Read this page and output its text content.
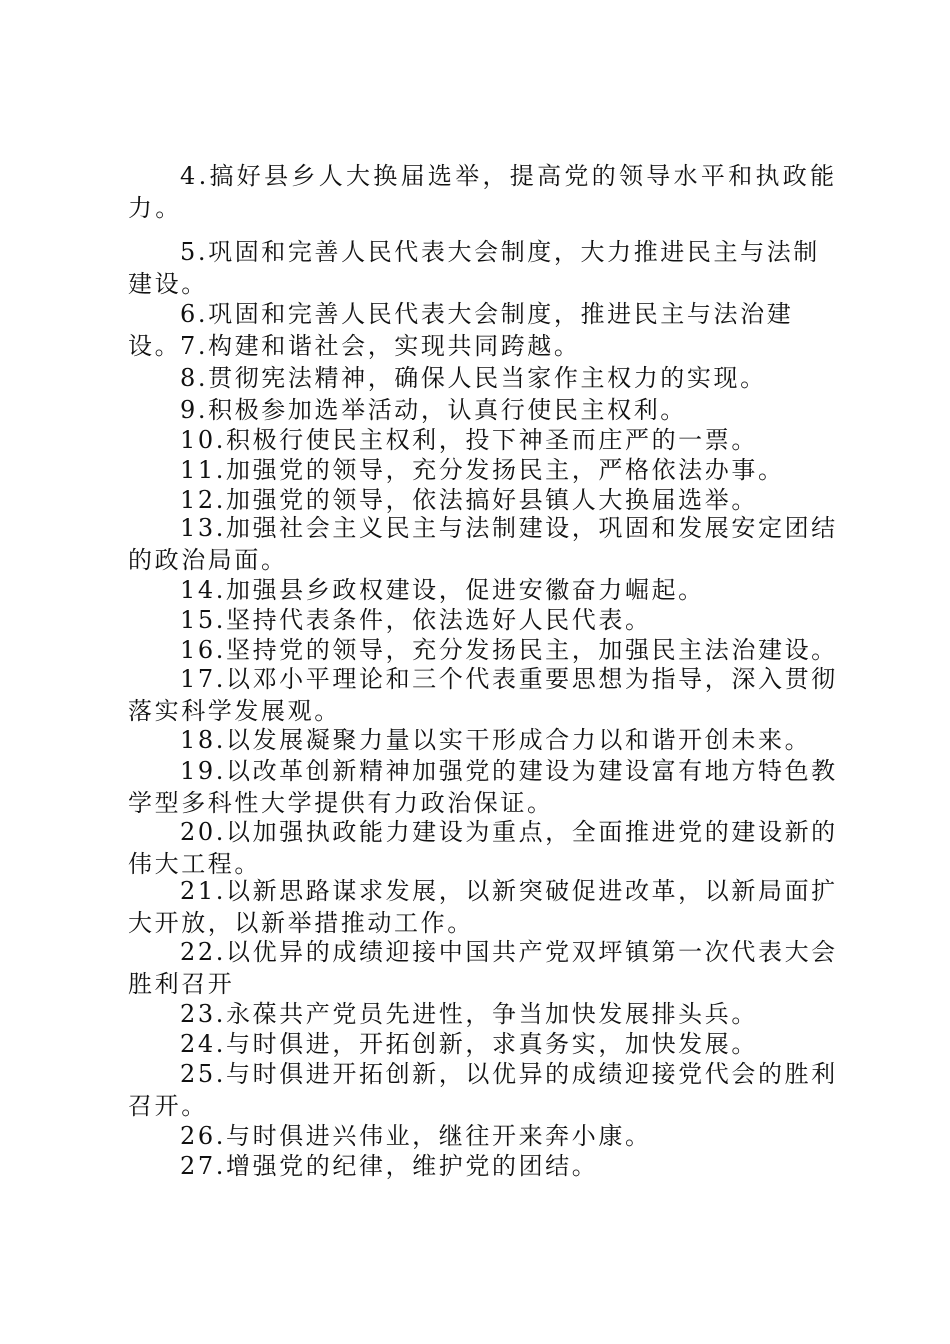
4.搞好县乡人大换届选举，提高党的领导水平和执政能力。

5.巩固和完善人民代表大会制度，大力推进民主与法制建设。

6.巩固和完善人民代表大会制度，推进民主与法治建设。

7.构建和谐社会，实现共同跨越。

8.贯彻宪法精神，确保人民当家作主权力的实现。

9.积极参加选举活动，认真行使民主权利。

10.积极行使民主权利，投下神圣而庄严的一票。

11.加强党的领导，充分发扬民主，严格依法办事。

12.加强党的领导，依法搞好县镇人大换届选举。

13.加强社会主义民主与法制建设，巩固和发展安定团结的政治局面。

14.加强县乡政权建设，促进安徽奋力崛起。

15.坚持代表条件，依法选好人民代表。

16.坚持党的领导，充分发扬民主，加强民主法治建设。

17.以邓小平理论和三个代表重要思想为指导，深入贯彻落实科学发展观。

18.以发展凝聚力量以实干形成合力以和谐开创未来。

19.以改革创新精神加强党的建设为建设富有地方特色教学型多科性大学提供有力政治保证。

20.以加强执政能力建设为重点，全面推进党的建设新的伟大工程。

21.以新思路谋求发展，以新突破促进改革，以新局面扩大开放，以新举措推动工作。

22.以优异的成绩迎接中国共产党双坪镇第一次代表大会胜利召开

23.永葆共产党员先进性，争当加快发展排头兵。

24.与时俱进，开拓创新，求真务实，加快发展。

25.与时俱进开拓创新，以优异的成绩迎接党代会的胜利召开。

26.与时俱进兴伟业，继往开来奔小康。

27.增强党的纪律，维护党的团结。
